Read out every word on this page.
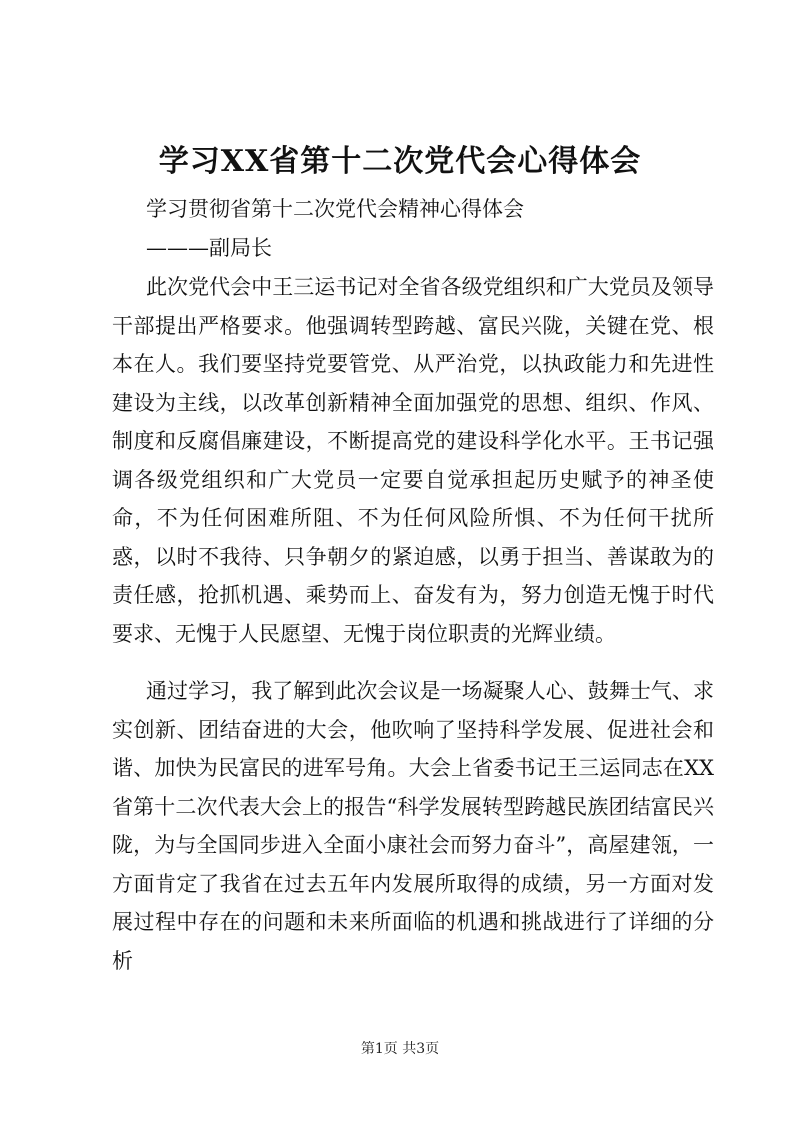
学习XX省第十二次党代会心得体会
学习贯彻省第十二次党代会精神心得体会
———副局长
此次党代会中王三运书记对全省各级党组织和广大党员及领导干部提出严格要求。他强调转型跨越、富民兴陇，关键在党、根本在人。我们要坚持党要管党、从严治党，以执政能力和先进性建设为主线，以改革创新精神全面加强党的思想、组织、作风、制度和反腐倡廉建设，不断提高党的建设科学化水平。王书记强调各级党组织和广大党员一定要自觉承担起历史赋予的神圣使命，不为任何困难所阻、不为任何风险所惧、不为任何干扰所惑，以时不我待、只争朝夕的紧迫感，以勇于担当、善谋敢为的责任感，抢抓机遇、乘势而上、奋发有为，努力创造无愧于时代要求、无愧于人民愿望、无愧于岗位职责的光辉业绩。
通过学习，我了解到此次会议是一场凝聚人心、鼓舞士气、求实创新、团结奋进的大会，他吹响了坚持科学发展、促进社会和谐、加快为民富民的进军号角。大会上省委书记王三运同志在XX省第十二次代表大会上的报告“科学发展转型跨越民族团结富民兴陇，为与全国同步进入全面小康社会而努力奋斗”，高屋建瓴，一方面肯定了我省在过去五年内发展所取得的成绩，另一方面对发展过程中存在的问题和未来所面临的机遇和挑战进行了详细的分析
第1页 共3页
